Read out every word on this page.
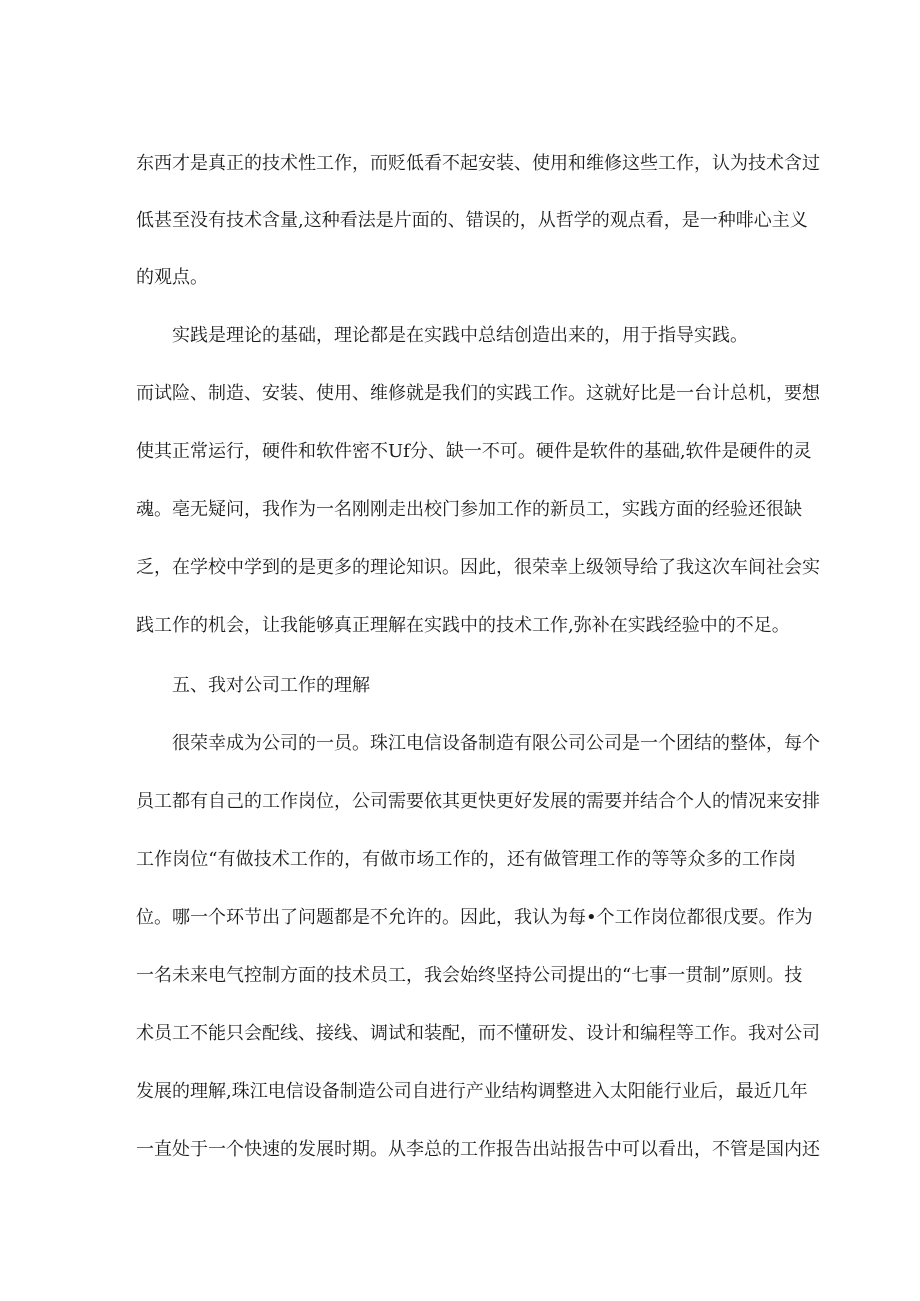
东西才是真正的技术性工作，而贬低看不起安装、使用和维修这些工作，认为技术含过
低甚至没有技术含量,这种看法是片面的、错误的，从哲学的观点看，是一种啡心主义
的观点。
实践是理论的基础，理论都是在实践中总结创造出来的，用于指导实践。
而试险、制造、安装、使用、维修就是我们的实践工作。这就好比是一台计总机，要想
使其正常运行，硬件和软件密不Uf分、缺一不可。硬件是软件的基础,软件是硬件的灵
魂。亳无疑问，我作为一名刚刚走出校门参加工作的新员工，实践方面的经验还很缺
乏，在学校中学到的是更多的理论知识。因此，很荣幸上级领导给了我这次车间社会实
践工作的机会，让我能够真正理解在实践中的技术工作,弥补在实践经验中的不足。
五、我对公司工作的理解
很荣幸成为公司的一员。珠江电信设备制造有限公司公司是一个团结的整体，每个
员工都有自己的工作岗位，公司需要依其更快更好发展的需要并结合个人的情况来安排
工作岗位“有做技术工作的，有做市场工作的，还有做管理工作的等等众多的工作岗
位。哪一个环节出了问题都是不允许的。因此，我认为每•个工作岗位都很戊要。作为
一名未来电气控制方面的技术员工，我会始终坚持公司提出的“七事一贯制”原则。技
术员工不能只会配线、接线、调试和装配，而不懂研发、设计和编程等工作。我对公司
发展的理解,珠江电信设备制造公司自进行产业结构调整进入太阳能行业后，最近几年
一直处于一个快速的发展时期。从李总的工作报告出站报告中可以看出，不管是国内还
